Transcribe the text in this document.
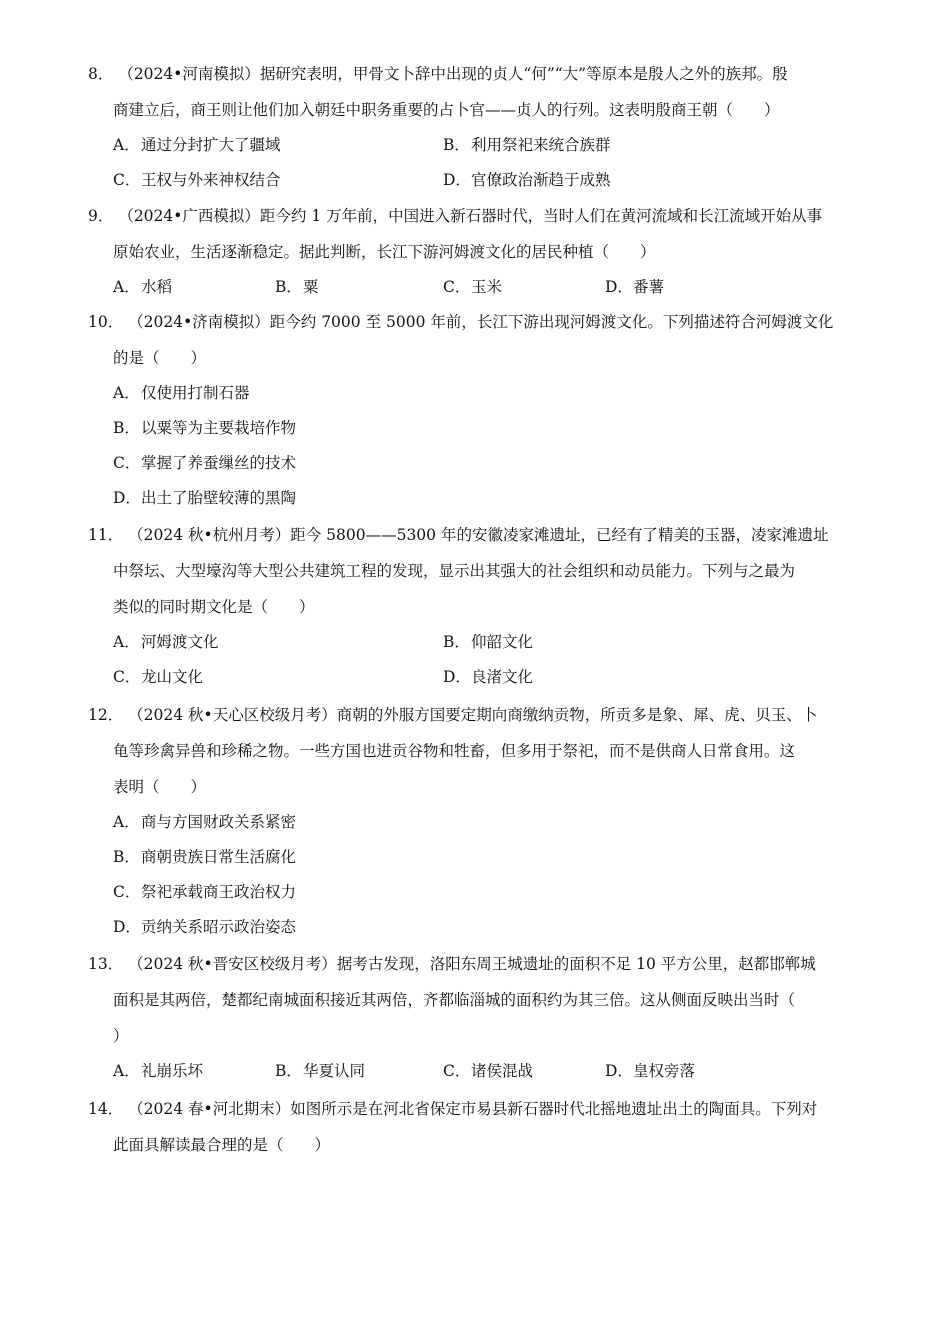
8． （2024•河南模拟）据研究表明，甲骨文卜辞中出现的贞人“何”“大”等原本是殷人之外的族邦。殷

商建立后，商王则让他们加入朝廷中职务重要的占卜官——贞人的行列。这表明殷商王朝（　　）

A．通过分封扩大了疆域	B．利用祭祀来统合族群
C．王权与外来神权结合	D．官僚政治渐趋于成熟

9． （2024•广西模拟）距今约 1 万年前，中国进入新石器时代，当时人们在黄河流域和长江流域开始从事

原始农业，生活逐渐稳定。据此判断，长江下游河姆渡文化的居民种植（　　）

A．水稻	B．粟	C．玉米	D．番薯

10． （2024•济南模拟）距今约 7000 至 5000 年前，长江下游出现河姆渡文化。下列描述符合河姆渡文化

的是（　　）

A．仅使用打制石器
B．以粟等为主要栽培作物
C．掌握了养蚕缫丝的技术
D．出土了胎壁较薄的黑陶

11． （2024 秋•杭州月考）距今 5800——5300 年的安徽凌家滩遗址，已经有了精美的玉器，凌家滩遗址

中祭坛、大型壕沟等大型公共建筑工程的发现，显示出其强大的社会组织和动员能力。下列与之最为

类似的同时期文化是（　　）

A．河姆渡文化	B．仰韶文化
C．龙山文化	D．良渚文化

12． （2024 秋•天心区校级月考）商朝的外服方国要定期向商缴纳贡物，所贡多是象、犀、虎、贝玉、卜

龟等珍禽异兽和珍稀之物。一些方国也进贡谷物和牲畜，但多用于祭祀，而不是供商人日常食用。这

表明（　　）

A．商与方国财政关系紧密
B．商朝贵族日常生活腐化
C．祭祀承载商王政治权力
D．贡纳关系昭示政治姿态

13． （2024 秋•晋安区校级月考）据考古发现，洛阳东周王城遗址的面积不足 10 平方公里，赵都邯郸城

面积是其两倍，楚都纪南城面积接近其两倍，齐都临淄城的面积约为其三倍。这从侧面反映出当时（

）

A．礼崩乐坏	B．华夏认同	C．诸侯混战	D．皇权旁落

14． （2024 春•河北期末）如图所示是在河北省保定市易县新石器时代北摇地遗址出土的陶面具。下列对

此面具解读最合理的是（　　）
